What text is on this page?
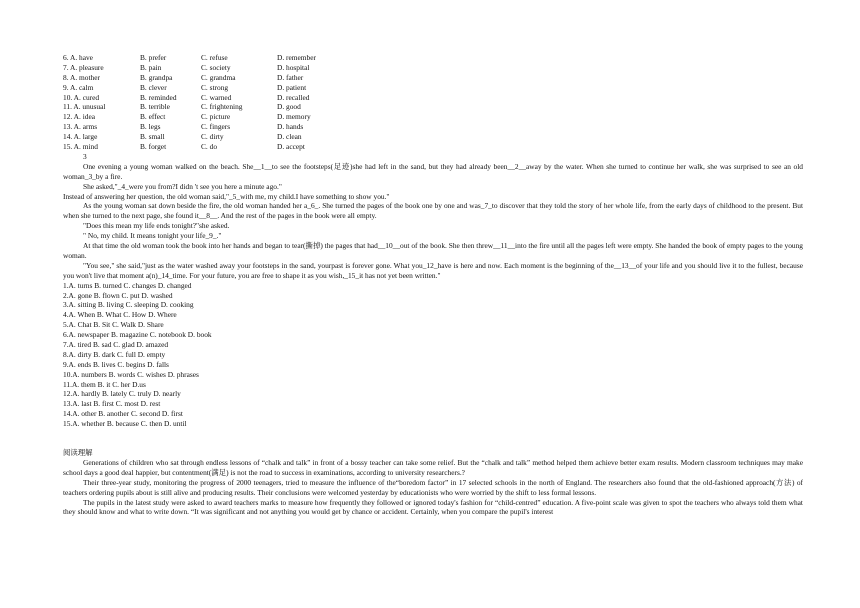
6. A. have	B. prefer	C. refuse	D. remember
7. A. pleasure	B. pain	C. society	D. hospital
8. A. mother	B. grandpa	C. grandma	D. father
9. A. calm	B. clever	C. strong	D. patient
10. A. cured	B. reminded	C. warned	D. recalled
11. A. unusual	B. terrible	C. frightening	D. good
12. A. idea	B. effect	C. picture	D. memory
13. A. arms	B. legs	C. fingers	D. hands
14. A. large	B. small	C. dirty	D. clean
15. A. mind	B. forget	C. do	D. accept
3
One evening a young woman walked on the beach. She__1__to see the footsteps(足迹)she had left in the sand, but they had already been__2__away by the water. When she turned to continue her walk, she was surprised to see an old woman_3_by a fire.
She asked,"_4_were you from?I didn 't see you here a minute ago."
Instead of answering her question, the old woman said,"_5_with me, my child.I have something to show you."
As the young woman sat down beside the fire, the old woman handed her a_6_. She turned the pages of the book one by one and was_7_to discover that they told the story of her whole life, from the early days of childhood to the present. But when she turned to the next page, she found it__8__. And the rest of the pages in the book were all empty.
"Does this mean my life ends tonight?"she asked.
" No, my child. It means tonight your life_9_."
At that time the old woman took the book into her hands and began to tear(撕掉) the pages that had__10__out of the book. She then threw__11__into the fire until all the pages left were empty. She handed the book of empty pages to the young woman.
"You see," she said,"just as the water washed away your footsteps in the sand, yourpast is forever gone. What you_12_have is here and now. Each moment is the beginning of the__13__of your life and you should live it to the fullest, because you won't live that moment a(n)_14_time. For your future, you are free to shape it as you wish,_15_it has not yet been written."
1.A. turns B. turned C. changes D. changed
2.A. gone B. flown C. put D. washed
3.A. sitting B. living C. sleeping D. cooking
4.A. When B. What C. How D. Where
5.A. Chat B. Sit C. Walk D. Share
6.A. newspaper B. magazine C. notebook D. book
7.A. tired B. sad C. glad D. amazed
8.A. dirty B. dark C. full D. empty
9.A. ends B. lives C. begins D. falls
10.A. numbers B. words C. wishes D. phrases
11.A. them B. it C. her D.us
12.A. hardly B. lately C. truly D. nearly
13.A. last B. first C. most D. rest
14.A. other B. another C. second D. first
15.A. whether B. because C. then D. until
阅读理解
Generations of children who sat through endless lessons of “chalk and talk” in front of a bossy teacher can take some relief. But the “chalk and talk” method helped them achieve better exam results. Modern classroom techniques may make school days a good deal happier, but contentment(满足) is not the road to success in examinations, according to university researchers.?
Their three-year study, monitoring the progress of 2000 teenagers, tried to measure the influence of the“boredom factor” in 17 selected schools in the north of England. The researchers also found that the old-fashioned approach(方法) of teachers ordering pupils about is still alive and producing results. Their conclusions were welcomed yesterday by educationists who were worried by the shift to less formal lessons.
The pupils in the latest study were asked to award teachers marks to measure how frequently they followed or ignored today's fashion for “child-centred” education. A five-point scale was given to spot the teachers who always told them what they should know and what to write down. “It was significant and not anything you would get by chance or accident. Certainly, when you compare the pupil's interest
